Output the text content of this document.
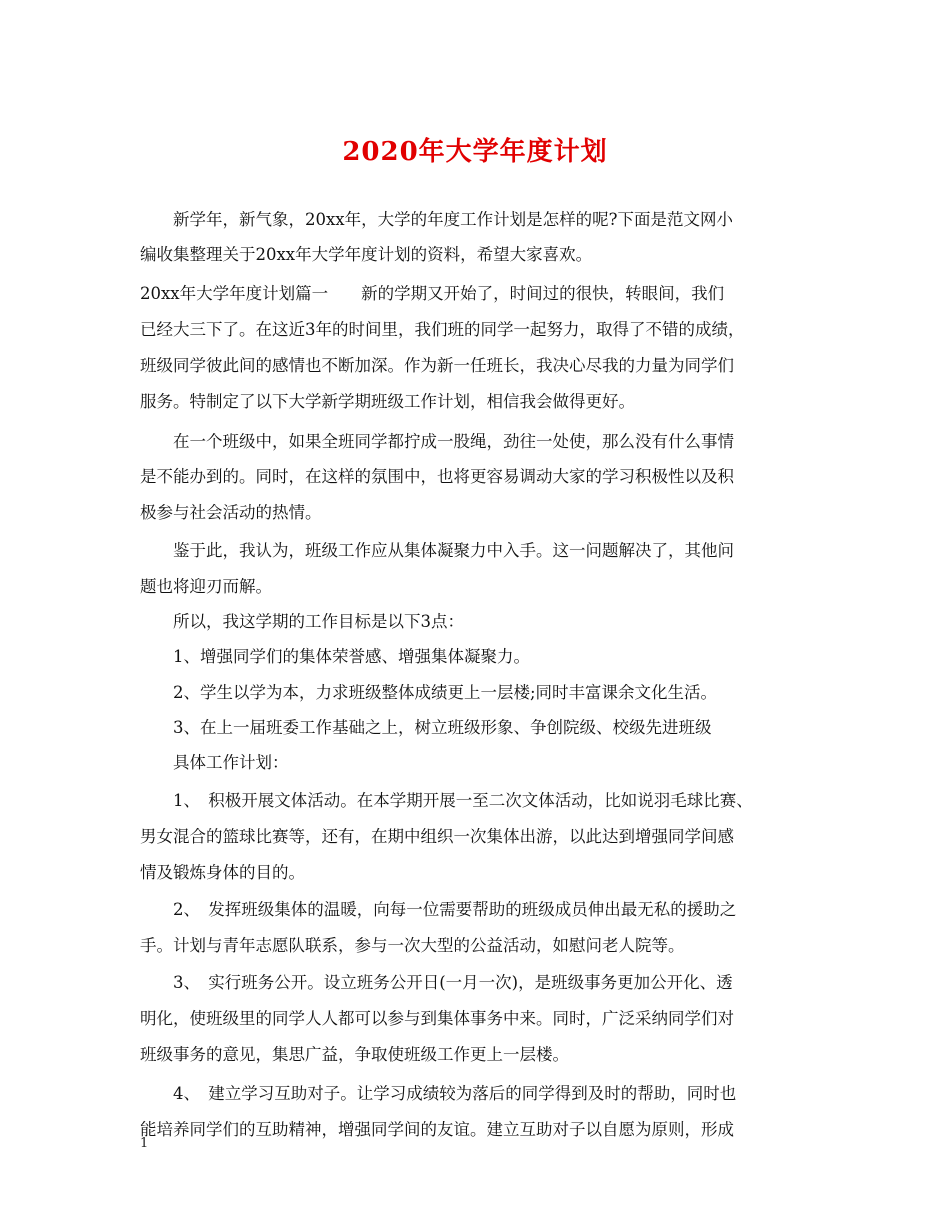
2020年大学年度计划
　　新学年，新气象，20xx年，大学的年度工作计划是怎样的呢?下面是范文网小
编收集整理关于20xx年大学年度计划的资料，希望大家喜欢。
20xx年大学年度计划篇一　　新的学期又开始了，时间过的很快，转眼间，我们
已经大三下了。在这近3年的时间里，我们班的同学一起努力，取得了不错的成绩，
班级同学彼此间的感情也不断加深。作为新一任班长，我决心尽我的力量为同学们
服务。特制定了以下大学新学期班级工作计划，相信我会做得更好。
　　在一个班级中，如果全班同学都拧成一股绳，劲往一处使，那么没有什么事情
是不能办到的。同时，在这样的氛围中，也将更容易调动大家的学习积极性以及积
极参与社会活动的热情。
　　鉴于此，我认为，班级工作应从集体凝聚力中入手。这一问题解决了，其他问
题也将迎刃而解。
　　所以，我这学期的工作目标是以下3点：
　　1、增强同学们的集体荣誉感、增强集体凝聚力。
　　2、学生以学为本，力求班级整体成绩更上一层楼;同时丰富课余文化生活。
　　3、在上一届班委工作基础之上，树立班级形象、争创院级、校级先进班级
　　具体工作计划：
　　1、　积极开展文体活动。在本学期开展一至二次文体活动，比如说羽毛球比赛、
男女混合的篮球比赛等，还有，在期中组织一次集体出游，以此达到增强同学间感
情及锻炼身体的目的。
　　2、　发挥班级集体的温暖，向每一位需要帮助的班级成员伸出最无私的援助之
手。计划与青年志愿队联系，参与一次大型的公益活动，如慰问老人院等。
　　3、　实行班务公开。设立班务公开日(一月一次)，是班级事务更加公开化、透
明化，使班级里的同学人人都可以参与到集体事务中来。同时，广泛采纳同学们对
班级事务的意见，集思广益，争取使班级工作更上一层楼。
　　4、　建立学习互助对子。让学习成绩较为落后的同学得到及时的帮助，同时也
能培养同学们的互助精神，增强同学间的友谊。建立互助对子以自愿为原则，形成
1
